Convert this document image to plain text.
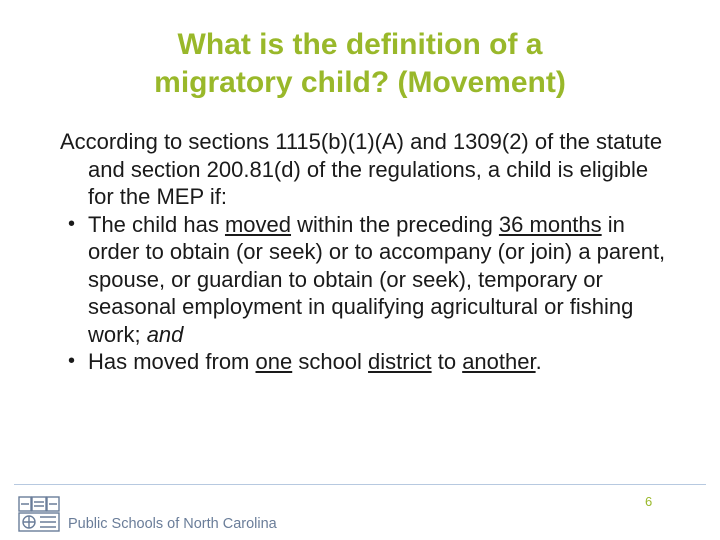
What is the definition of a
migratory child? (Movement)
According to sections 1115(b)(1)(A) and 1309(2) of the statute and section 200.81(d) of the regulations, a child is eligible for the MEP if:
• The child has moved within the preceding 36 months in order to obtain (or seek) or to accompany (or join) a parent, spouse, or guardian to obtain (or seek), temporary or seasonal employment in qualifying agricultural or fishing work; and
• Has moved from one school district to another.
Public Schools of North Carolina
6
